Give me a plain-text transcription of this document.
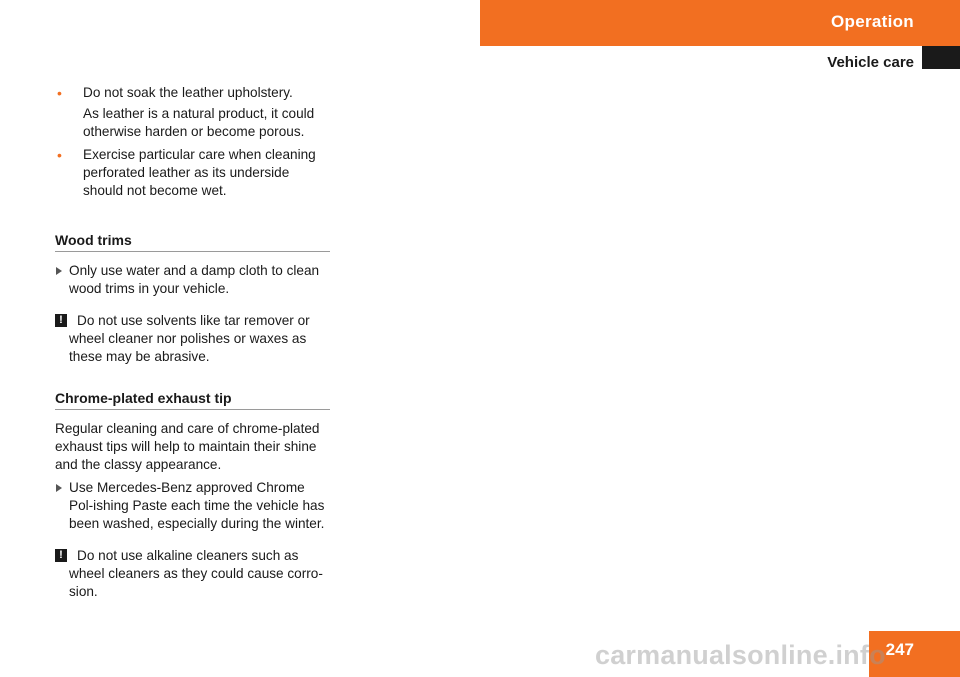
Operation
Vehicle care
• Do not soak the leather upholstery.

As leather is a natural product, it could otherwise harden or become porous.

• Exercise particular care when cleaning perforated leather as its underside should not become wet.

Wood trims

Only use water and a damp cloth to clean wood trims in your vehicle.

!	Do not use solvents like tar remover or wheel cleaner nor polishes or waxes as these may be abrasive.

Chrome-plated exhaust tip

Regular cleaning and care of chrome-plated exhaust tips will help to maintain their shine and the classy appearance.

Use Mercedes-Benz approved Chrome Pol-ishing Paste each time the vehicle has been washed, especially during the winter.

!	Do not use alkaline cleaners such as wheel cleaners as they could cause corro-sion.

247
carmanualsonline.info
